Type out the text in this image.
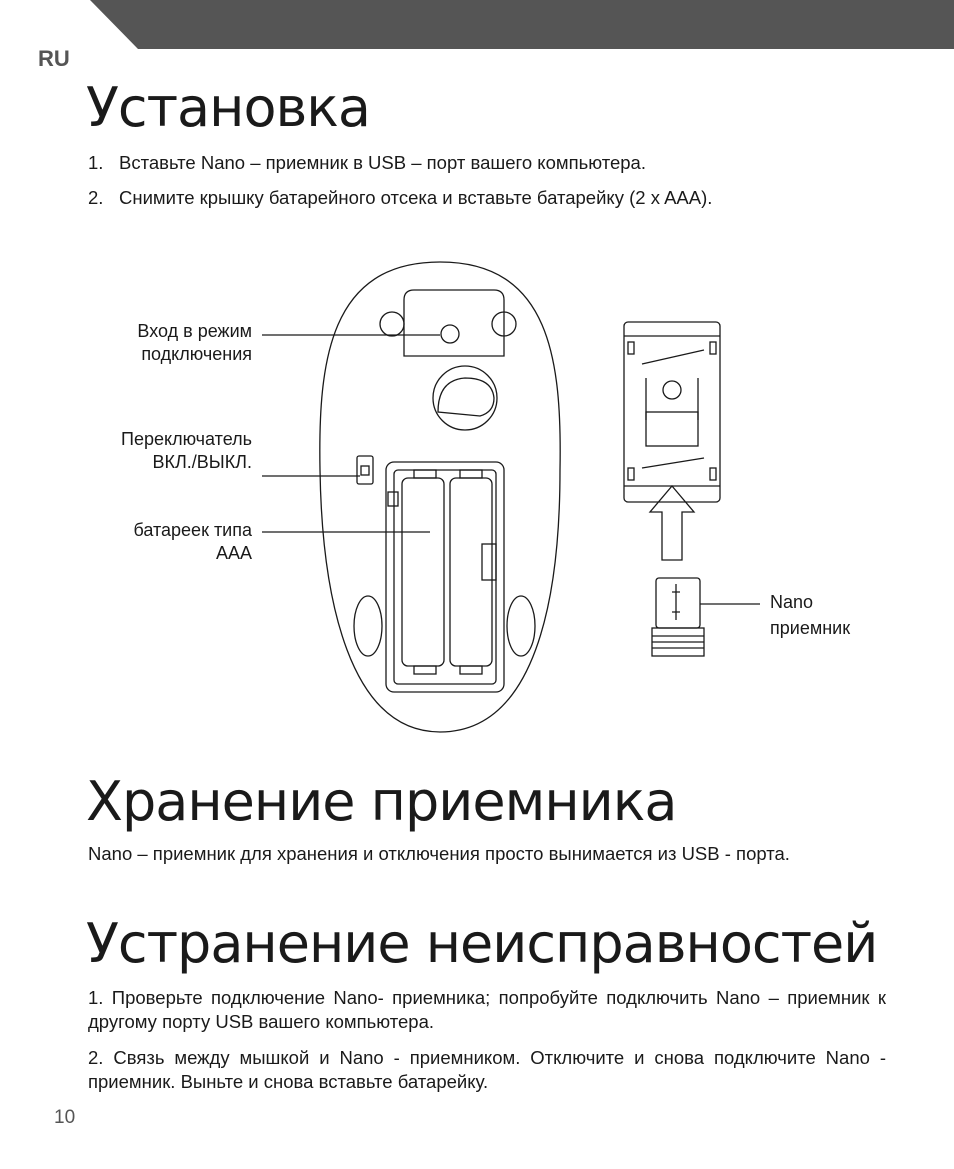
RU
Установка
1. Вставьте Nano – приемник в USB – порт вашего компьютера.
2. Снимите крышку батарейного отсека и вставьте батарейку (2 x AAA).
Вход в режим
подключения
Переключатель
ВКЛ./ВЫКЛ.
батареек типа
AAA
Nano
приемник
Хранение приемника
Nano – приемник для хранения и отключения просто вынимается из USB - порта.
Устранение неисправностей
1. Проверьте подключение Nano- приемника; попробуйте подключить Nano – приемник к другому порту USB вашего компьютера.
2. Связь между мышкой и Nano - приемником. Отключите и снова подключите Nano - приемник. Выньте и снова вставьте батарейку.
10
